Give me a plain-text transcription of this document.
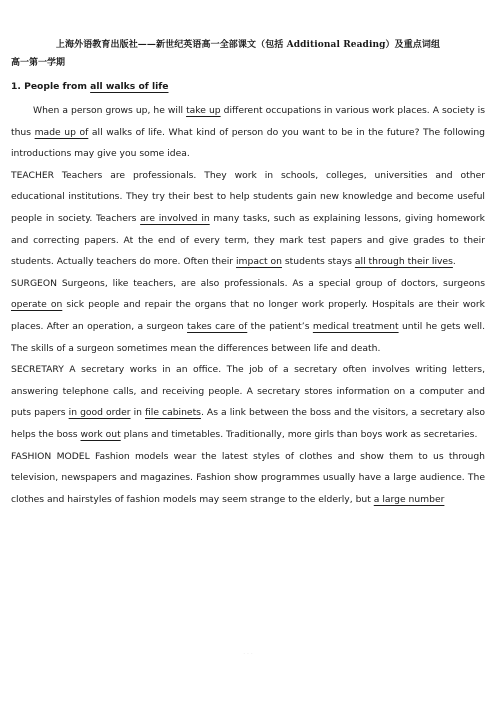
上海外语教育出版社——新世纪英语高一全部课文（包括 Additional Reading）及重点词组
高一第一学期
1. People from all walks of life

When a person grows up, he will take up different occupations in various work places. A society is thus made up of all walks of life. What kind of person do you want to be in the future? The following introductions may give you some idea.

TEACHER Teachers are professionals. They work in schools, colleges, universities and other educational institutions. They try their best to help students gain new knowledge and become useful people in society. Teachers are involved in many tasks, such as explaining lessons, giving homework and correcting papers. At the end of every term, they mark test papers and give grades to their students. Actually teachers do more. Often their impact on students stays all through their lives.

SURGEON Surgeons, like teachers, are also professionals. As a special group of doctors, surgeons operate on sick people and repair the organs that no longer work properly. Hospitals are their work places. After an operation, a surgeon takes care of the patient’s medical treatment until he gets well. The skills of a surgeon sometimes mean the differences between life and death.

SECRETARY A secretary works in an office. The job of a secretary often involves writing letters, answering telephone calls, and receiving people. A secretary stores information on a computer and puts papers in good order in file cabinets. As a link between the boss and the visitors, a secretary also helps the boss work out plans and timetables. Traditionally, more girls than boys work as secretaries.

FASHION MODEL Fashion models wear the latest styles of clothes and show them to us through television, newspapers and magazines. Fashion show programmes usually have a large audience. The clothes and hairstyles of fashion models may seem strange to the elderly, but a large number

· · ·
